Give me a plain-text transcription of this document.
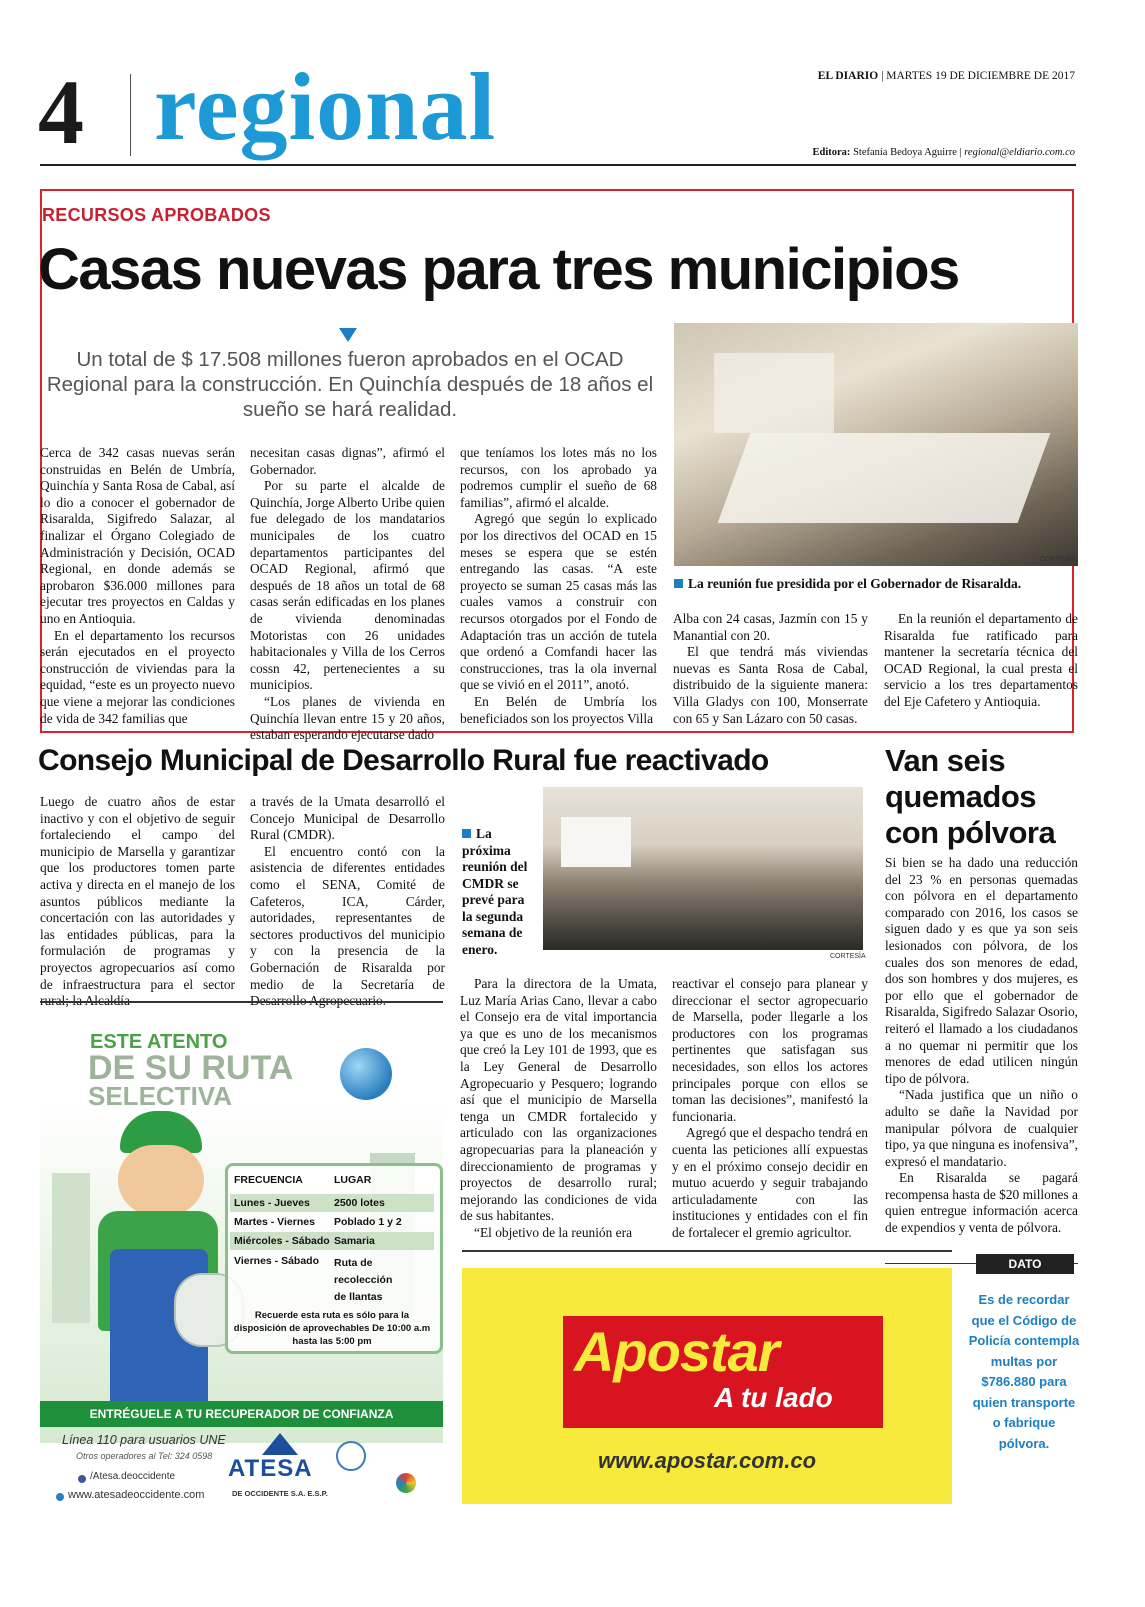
4 regional	EL DIARIO | MARTES 19 DE DICIEMBRE DE 2017
Editora: Stefanía Bedoya Aguirre | regional@eldiario.com.co
RECURSOS APROBADOS
Casas nuevas para tres municipios
Un total de $ 17.508 millones fueron aprobados en el OCAD Regional para la construcción. En Quinchía después de 18 años el sueño se hará realidad.
CORTESÍA
La reunión fue presidida por el Gobernador de Risaralda.

Cerca de 342 casas nuevas serán construidas en Belén de Umbría, Quinchía y Santa Rosa de Cabal, así lo dio a conocer el gobernador de Risaralda, Sigifredo Salazar, al finalizar el Órgano Colegiado de Administración y Decisión, OCAD Regional, en donde además se aprobaron $36.000 millones para ejecutar tres proyectos en Caldas y uno en Antioquia.

En el departamento los recursos serán ejecutados en el proyecto construcción de viviendas para la equidad, “este es un proyecto nuevo que viene a mejorar las condiciones de vida de 342 familias que

necesitan casas dignas”, afirmó el Gobernador.

Por su parte el alcalde de Quinchía, Jorge Alberto Uribe quien fue delegado de los mandatarios municipales de los cuatro departamentos participantes del OCAD Regional, afirmó que después de 18 años un total de 68 casas serán edificadas en los planes de vivienda denominadas Motoristas con 26 unidades habitacionales y Villa de los Cerros cossn 42, pertenecientes a su municipios.

“Los planes de vivienda en Quinchía llevan entre 15 y 20 años, estaban esperando ejecutarse dado

que teníamos los lotes más no los recursos, con los aprobado ya podremos cumplir el sueño de 68 familias”, afirmó el alcalde.

Agregó que según lo explicado por los directivos del OCAD en 15 meses se espera que se estén entregando las casas. “A este proyecto se suman 25 casas más las cuales vamos a construir con recursos otorgados por el Fondo de Adaptación tras un acción de tutela que ordenó a Comfandi hacer las construcciones, tras la ola invernal que se vivió en el 2011”, anotó.

En Belén de Umbría los beneficiados son los proyectos Villa

Alba con 24 casas, Jazmín con 15 y Manantial con 20.

El que tendrá más viviendas nuevas es Santa Rosa de Cabal, distribuido de la siguiente manera: Villa Gladys con 100, Monserrate con 65 y San Lázaro con 50 casas.

En la reunión el departamento de Risaralda fue ratificado para mantener la secretaría técnica del OCAD Regional, la cual presta el servicio a los tres departamentos del Eje Cafetero y Antioquia.

Consejo Municipal de Desarrollo Rural fue reactivado

Luego de cuatro años de estar inactivo y con el objetivo de seguir fortaleciendo el campo del municipio de Marsella y garantizar que los productores tomen parte activa y directa en el manejo de los asuntos públicos mediante la concertación con las autoridades y las entidades públicas, para la formulación de programas y proyectos agropecuarios así como de infraestructura para el sector

a través de la Umata desarrolló el Concejo Municipal de Desarrollo Rural (CMDR).

El encuentro contó con la asistencia de diferentes entidades como el SENA, Comité de Cafeteros, ICA, Cárder, autoridades, representantes de sectores productivos del municipio y con la presencia de la Gobernación de Risaralda por medio de la Secretaría de

La próxima reunión del CMDR se prevé para la segunda semana de enero.	CORTESÍA

Para la directora de la Umata, Luz María Arias Cano, llevar a cabo el Consejo era de vital importancia ya que es uno de los mecanismos que creó la Ley 101 de 1993, que es la Ley General de Desarrollo Agropecuario y Pesquero; logrando así que el municipio de Marsella tenga un CMDR fortalecido y articulado con las organizaciones agropecuarias para la planeación y direccionamiento de programas y proyectos de desarrollo rural; mejorando las condiciones de vida de sus habitantes.

“El objetivo de la reunión era

reactivar el consejo para planear y direccionar el sector agropecuario de Marsella, poder llegarle a los productores con los programas pertinentes que satisfagan sus necesidades, son ellos los actores principales porque con ellos se toman las decisiones”, manifestó la funcionaria.

Agregó que el despacho tendrá en cuenta las peticiones allí expuestas y en el próximo consejo decidir en mutuo acuerdo y seguir trabajando articuladamente con las instituciones y entidades con el fin de fortalecer el gremio agricultor.

Van seis quemados con pólvora

Si bien se ha dado una reducción del 23 % en personas quemadas con pólvora en el departamento comparado con 2016, los casos se siguen dado y es que ya son seis lesionados con pólvora, de los cuales dos son menores de edad, dos son hombres y dos mujeres, es por ello que el gobernador de Risaralda, Sigifredo Salazar Osorio, reiteró el llamado a los ciudadanos a no quemar ni permitir que los menores de edad utilicen ningún tipo de pólvora.

“Nada justifica que un niño o adulto se dañe la Navidad por manipular pólvora de cualquier tipo, ya que ninguna es inofensiva”, expresó el mandatario.

En Risaralda se pagará recompensa hasta de $20 millones a quien entregue información acerca de expendios y venta de pólvora.

DATO
Es de recordar que el Código de Policía contempla multas por $786.880 para quien transporte o fabrique pólvora.
ESTE ATENTO
DE SU RUTA
SELECTIVA
FRECUENCIA	LUGAR
Lunes - Jueves 2500 lotes
Martes - Viernes Poblado 1 y 2
Miércoles - Sábado Samaria
Viernes - Sábado Ruta de recolección de llantas
Recuerde esta ruta es sólo para la disposición de aprovechables De 10:00 a.m hasta las 5:00 pm
ENTRÉGUELE A TU RECUPERADOR DE CONFIANZA
Línea 110 para usuarios UNE
Otros operadores al Tel: 324 0598
/Atesa.deoccidente
www.atesadeoccidente.com
ATESA
DE OCCIDENTE S.A. E.S.P.
Apostar
A tu lado
www.apostar.com.co
